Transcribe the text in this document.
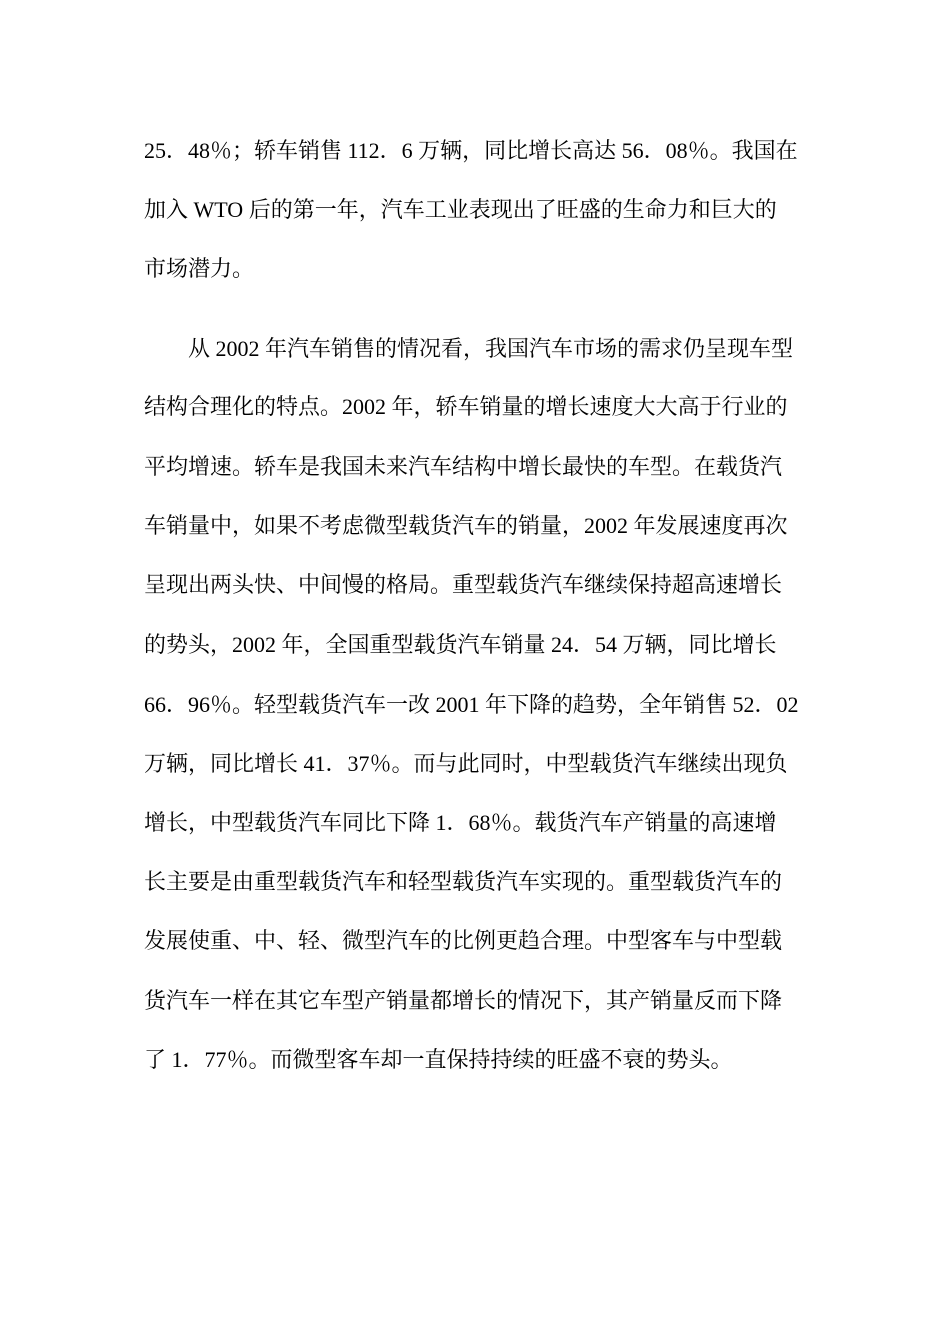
25．48％；轿车销售 112．6 万辆，同比增长高达 56．08％。我国在
加入 WTO 后的第一年，汽车工业表现出了旺盛的生命力和巨大的
市场潜力。
从 2002 年汽车销售的情况看，我国汽车市场的需求仍呈现车型
结构合理化的特点。2002 年，轿车销量的增长速度大大高于行业的
平均增速。轿车是我国未来汽车结构中增长最快的车型。在载货汽
车销量中，如果不考虑微型载货汽车的销量，2002 年发展速度再次
呈现出两头快、中间慢的格局。重型载货汽车继续保持超高速增长
的势头，2002 年，全国重型载货汽车销量 24．54 万辆，同比增长
66．96％。轻型载货汽车一改 2001 年下降的趋势，全年销售 52．02
万辆，同比增长 41．37％。而与此同时，中型载货汽车继续出现负
增长，中型载货汽车同比下降 1．68％。载货汽车产销量的高速增
长主要是由重型载货汽车和轻型载货汽车实现的。重型载货汽车的
发展使重、中、轻、微型汽车的比例更趋合理。中型客车与中型载
货汽车一样在其它车型产销量都增长的情况下，其产销量反而下降
了 1．77％。而微型客车却一直保持持续的旺盛不衰的势头。
